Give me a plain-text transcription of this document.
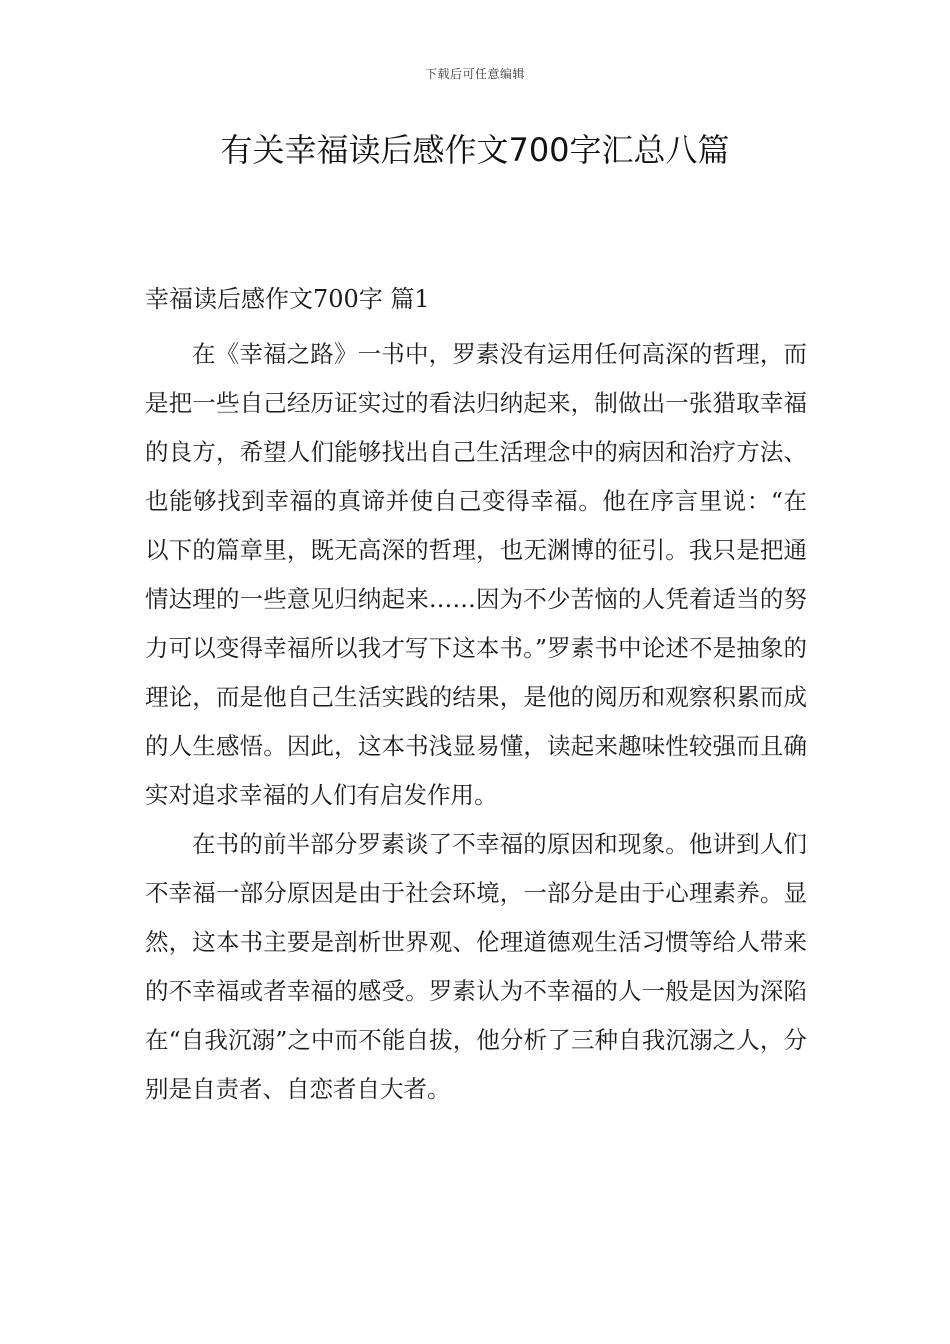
下载后可任意编辑
有关幸福读后感作文700字汇总八篇
幸福读后感作文700字 篇1

在《幸福之路》一书中，罗素没有运用任何高深的哲理，而是把一些自己经历证实过的看法归纳起来，制做出一张猎取幸福的良方，希望人们能够找出自己生活理念中的病因和治疗方法、也能够找到幸福的真谛并使自己变得幸福。他在序言里说：“在以下的篇章里，既无高深的哲理，也无渊博的征引。我只是把通情达理的一些意见归纳起来……因为不少苦恼的人凭着适当的努力可以变得幸福所以我才写下这本书。”罗素书中论述不是抽象的理论，而是他自己生活实践的结果，是他的阅历和观察积累而成的人生感悟。因此，这本书浅显易懂，读起来趣味性较强而且确实对追求幸福的人们有启发作用。

在书的前半部分罗素谈了不幸福的原因和现象。他讲到人们不幸福一部分原因是由于社会环境，一部分是由于心理素养。显然，这本书主要是剖析世界观、伦理道德观生活习惯等给人带来的不幸福或者幸福的感受。罗素认为不幸福的人一般是因为深陷在“自我沉溺”之中而不能自拔，他分析了三种自我沉溺之人，分别是自责者、自恋者自大者。
